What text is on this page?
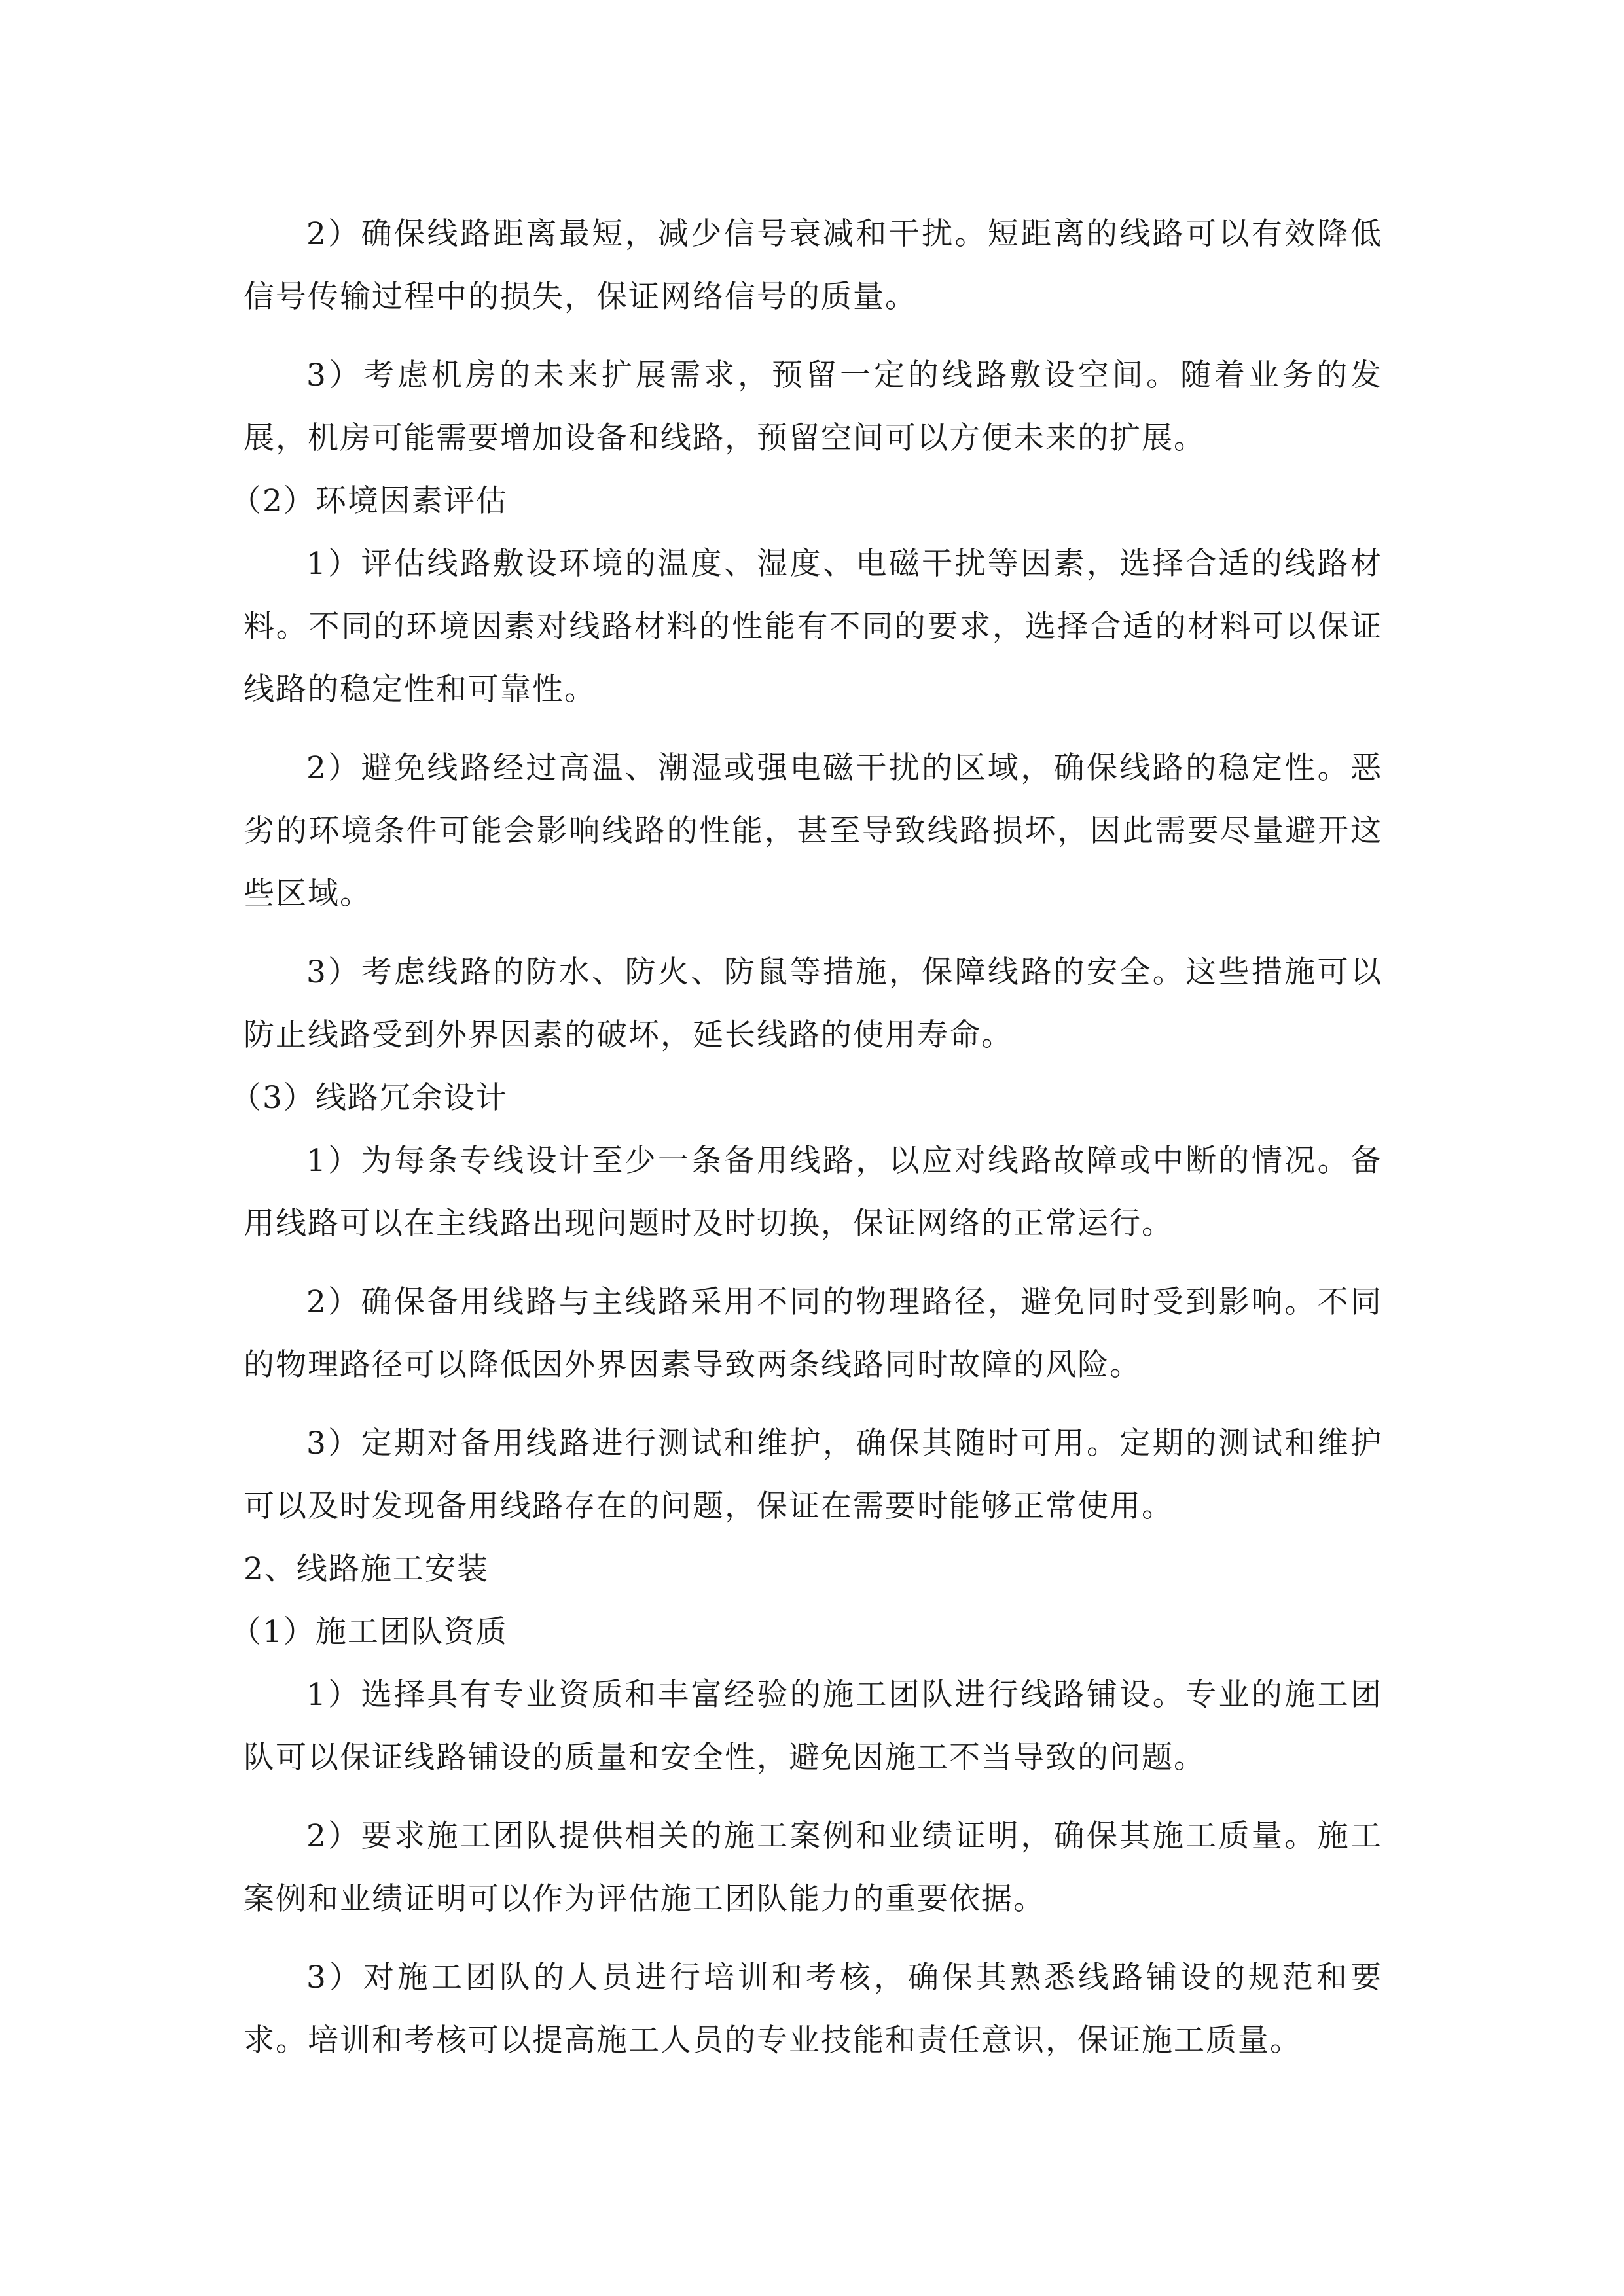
2）确保线路距离最短，减少信号衰减和干扰。短距离的线路可以有效降低信号传输过程中的损失，保证网络信号的质量。

3）考虑机房的未来扩展需求，预留一定的线路敷设空间。随着业务的发展，机房可能需要增加设备和线路，预留空间可以方便未来的扩展。

（2）环境因素评估

1）评估线路敷设环境的温度、湿度、电磁干扰等因素，选择合适的线路材料。不同的环境因素对线路材料的性能有不同的要求，选择合适的材料可以保证线路的稳定性和可靠性。

2）避免线路经过高温、潮湿或强电磁干扰的区域，确保线路的稳定性。恶劣的环境条件可能会影响线路的性能，甚至导致线路损坏，因此需要尽量避开这些区域。

3）考虑线路的防水、防火、防鼠等措施，保障线路的安全。这些措施可以防止线路受到外界因素的破坏，延长线路的使用寿命。

（3）线路冗余设计

1）为每条专线设计至少一条备用线路，以应对线路故障或中断的情况。备用线路可以在主线路出现问题时及时切换，保证网络的正常运行。

2）确保备用线路与主线路采用不同的物理路径，避免同时受到影响。不同的物理路径可以降低因外界因素导致两条线路同时故障的风险。

3）定期对备用线路进行测试和维护，确保其随时可用。定期的测试和维护可以及时发现备用线路存在的问题，保证在需要时能够正常使用。

2、线路施工安装

（1）施工团队资质

1）选择具有专业资质和丰富经验的施工团队进行线路铺设。专业的施工团队可以保证线路铺设的质量和安全性，避免因施工不当导致的问题。

2）要求施工团队提供相关的施工案例和业绩证明，确保其施工质量。施工案例和业绩证明可以作为评估施工团队能力的重要依据。

3）对施工团队的人员进行培训和考核，确保其熟悉线路铺设的规范和要求。培训和考核可以提高施工人员的专业技能和责任意识，保证施工质量。
